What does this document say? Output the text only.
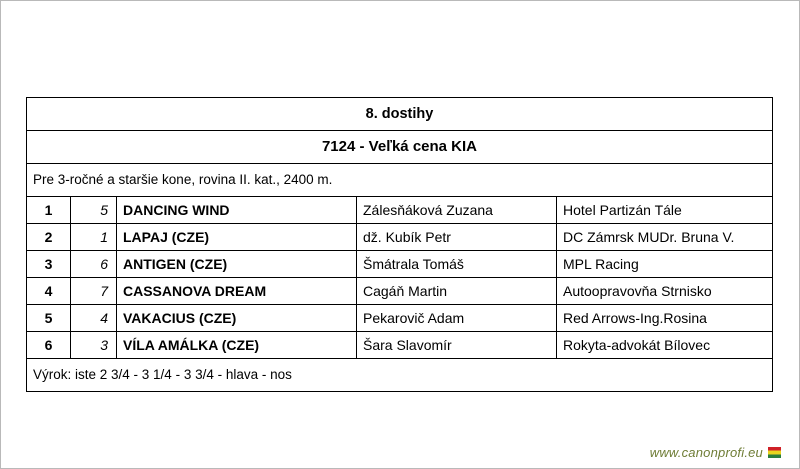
8. dostihy				
7124 - Veľká cena KIA				
Pre 3-ročné a staršie kone, rovina II. kat., 2400 m.				
1	5	DANCING WIND	Zálesňáková Zuzana	Hotel Partizán Tále
2	1	LAPAJ (CZE)	dž. Kubík Petr	DC Zámrsk MUDr. Bruna V.
3	6	ANTIGEN (CZE)	Šmátrala Tomáš	MPL Racing
4	7	CASSANOVA DREAM	Cagáň Martin	Autoopravovňa Strnisko
5	4	VAKACIUS (CZE)	Pekarovič Adam	Red Arrows-Ing.Rosina
6	3	VÍLA AMÁLKA (CZE)	Šara Slavomír	Rokyta-advokát Bílovec
Výrok: iste 2 3/4 - 3 1/4 - 3 3/4 - hlava - nos				
www.canonprofi.eu
